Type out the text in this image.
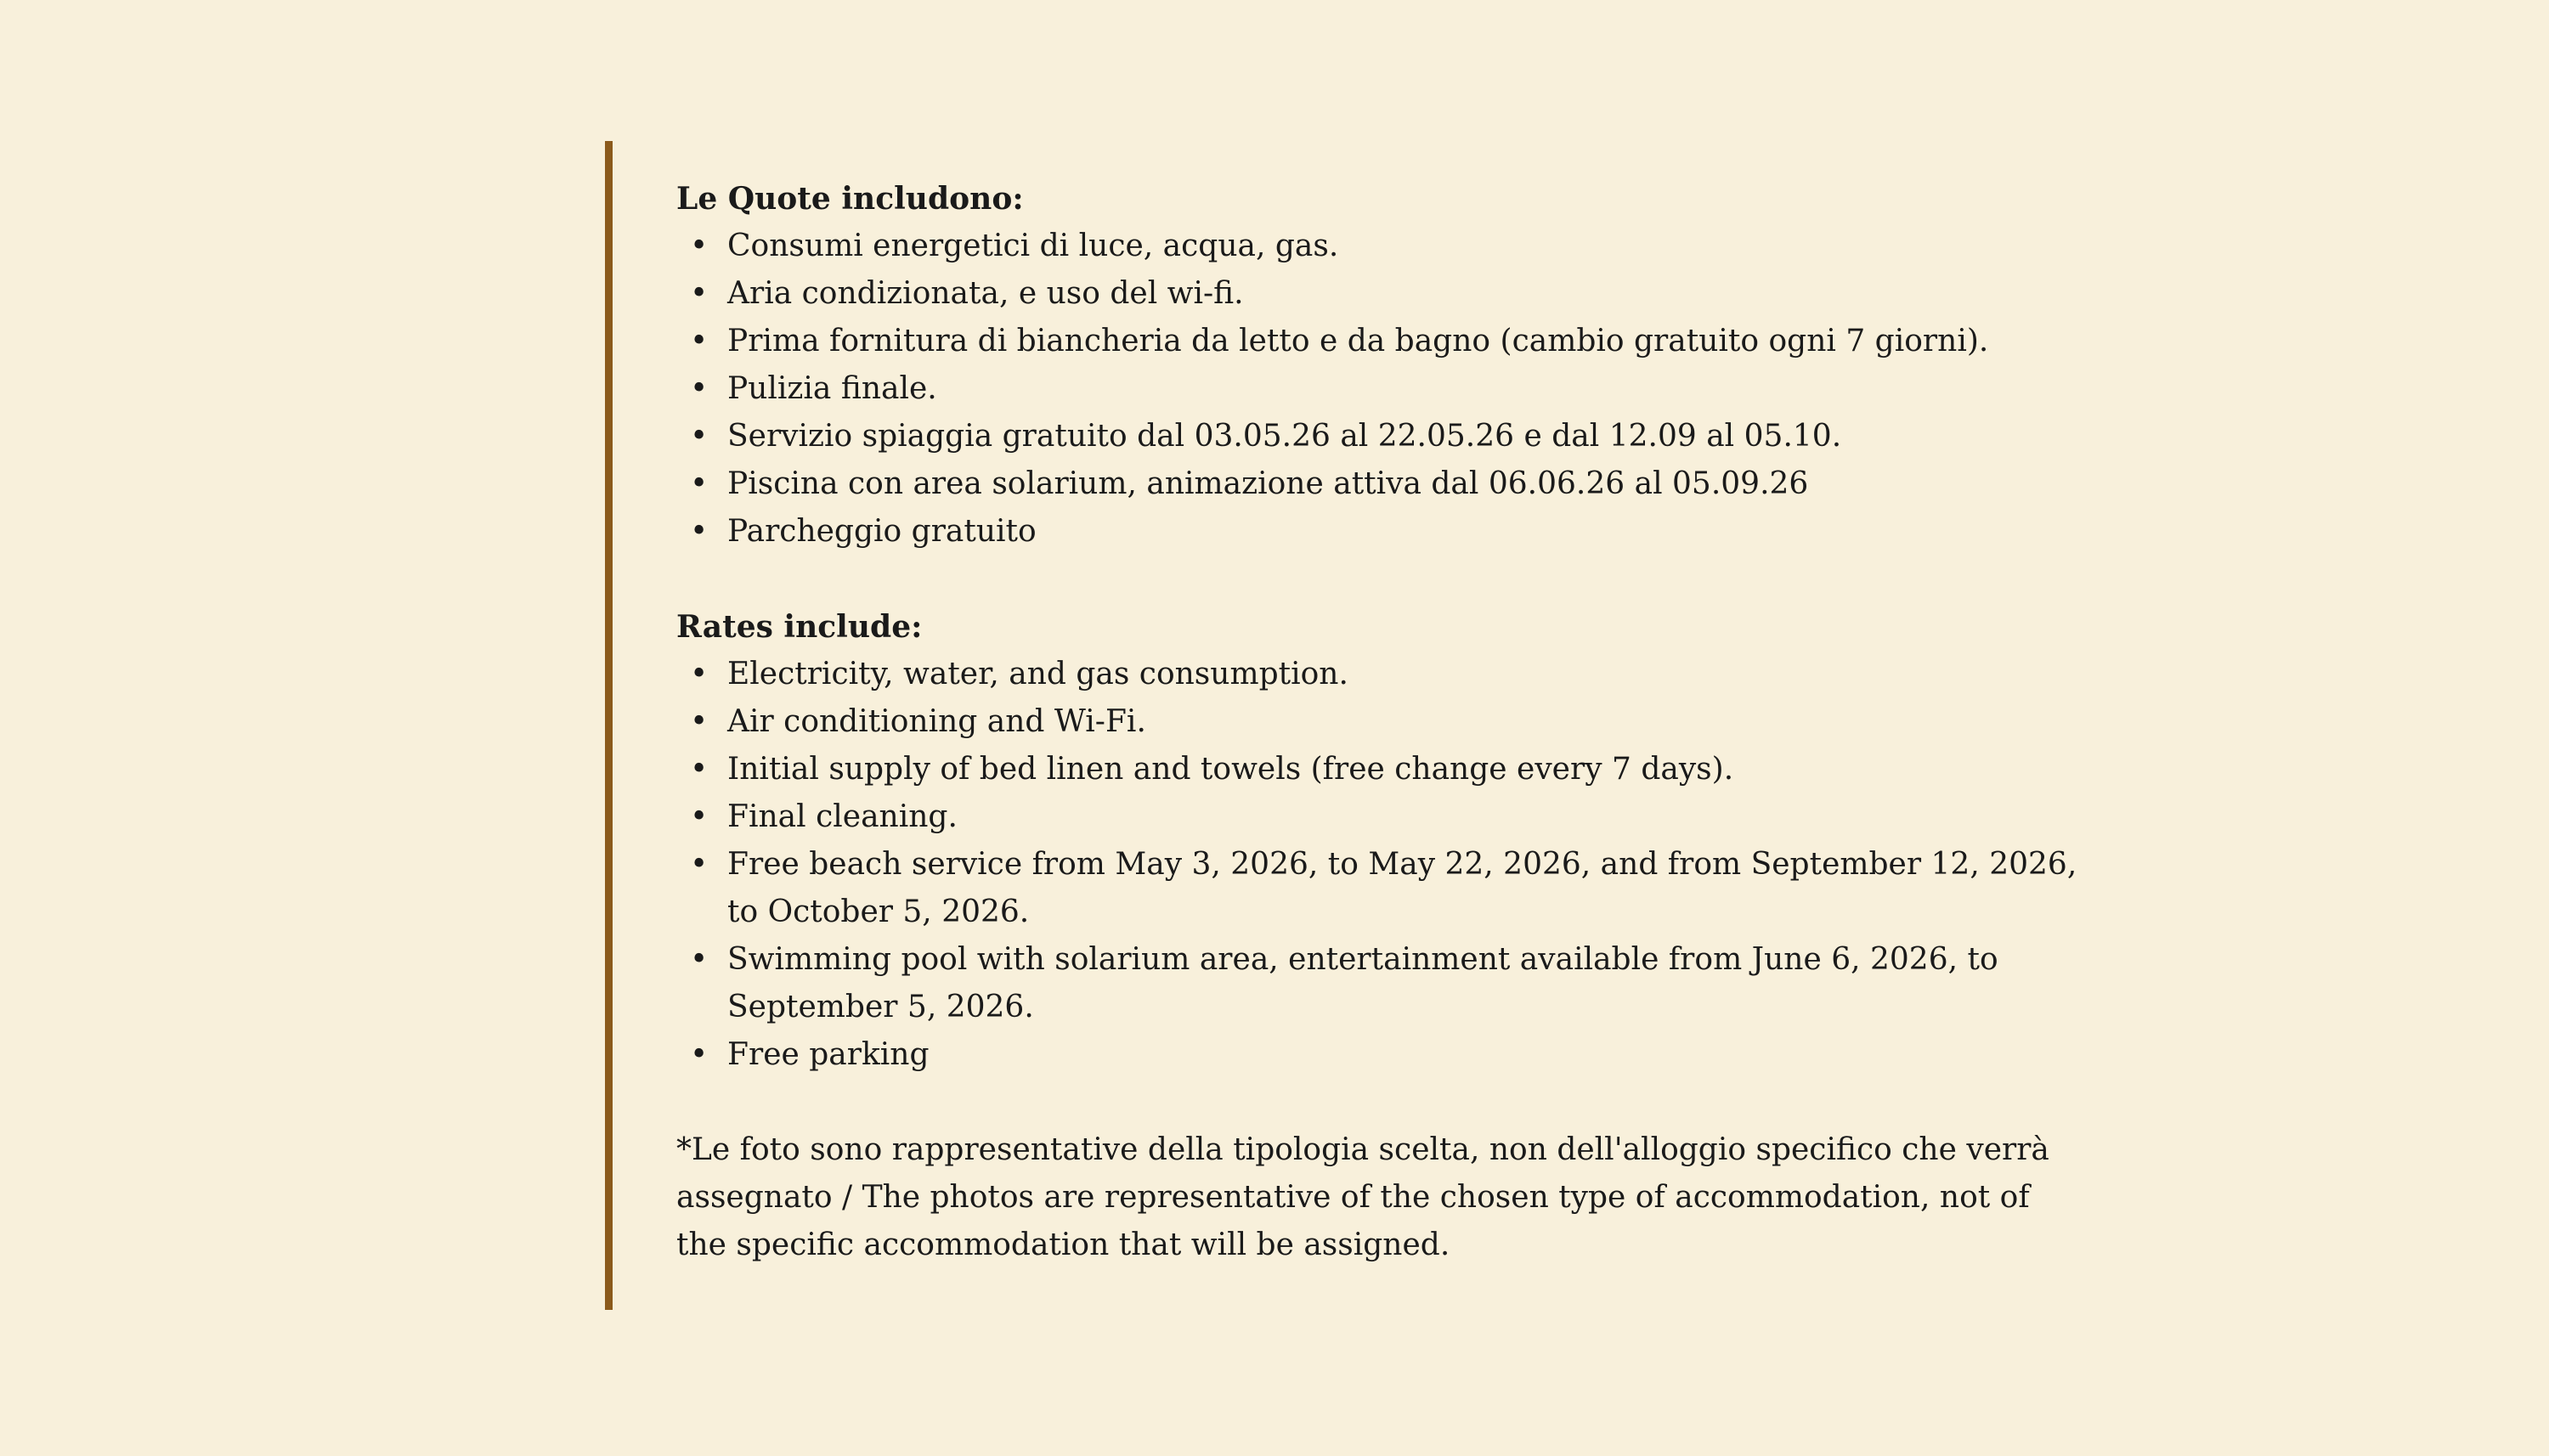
Le Quote includono:

• Consumi energetici di luce, acqua, gas.
• Aria condizionata, e uso del wi-fi.
• Prima fornitura di biancheria da letto e da bagno (cambio gratuito ogni 7 giorni).
• Pulizia finale.
• Servizio spiaggia gratuito dal 03.05.26 al 22.05.26 e dal 12.09 al 05.10.
• Piscina con area solarium, animazione attiva dal 06.06.26 al 05.09.26
• Parcheggio gratuito

Rates include:

• Electricity, water, and gas consumption.
• Air conditioning and Wi-Fi.
• Initial supply of bed linen and towels (free change every 7 days).
• Final cleaning.
• Free beach service from May 3, 2026, to May 22, 2026, and from September 12, 2026, to October 5, 2026.
• Swimming pool with solarium area, entertainment available from June 6, 2026, to September 5, 2026.
• Free parking

*Le foto sono rappresentative della tipologia scelta, non dell'alloggio specifico che verrà assegnato / The photos are representative of the chosen type of accommodation, not of the specific accommodation that will be assigned.
